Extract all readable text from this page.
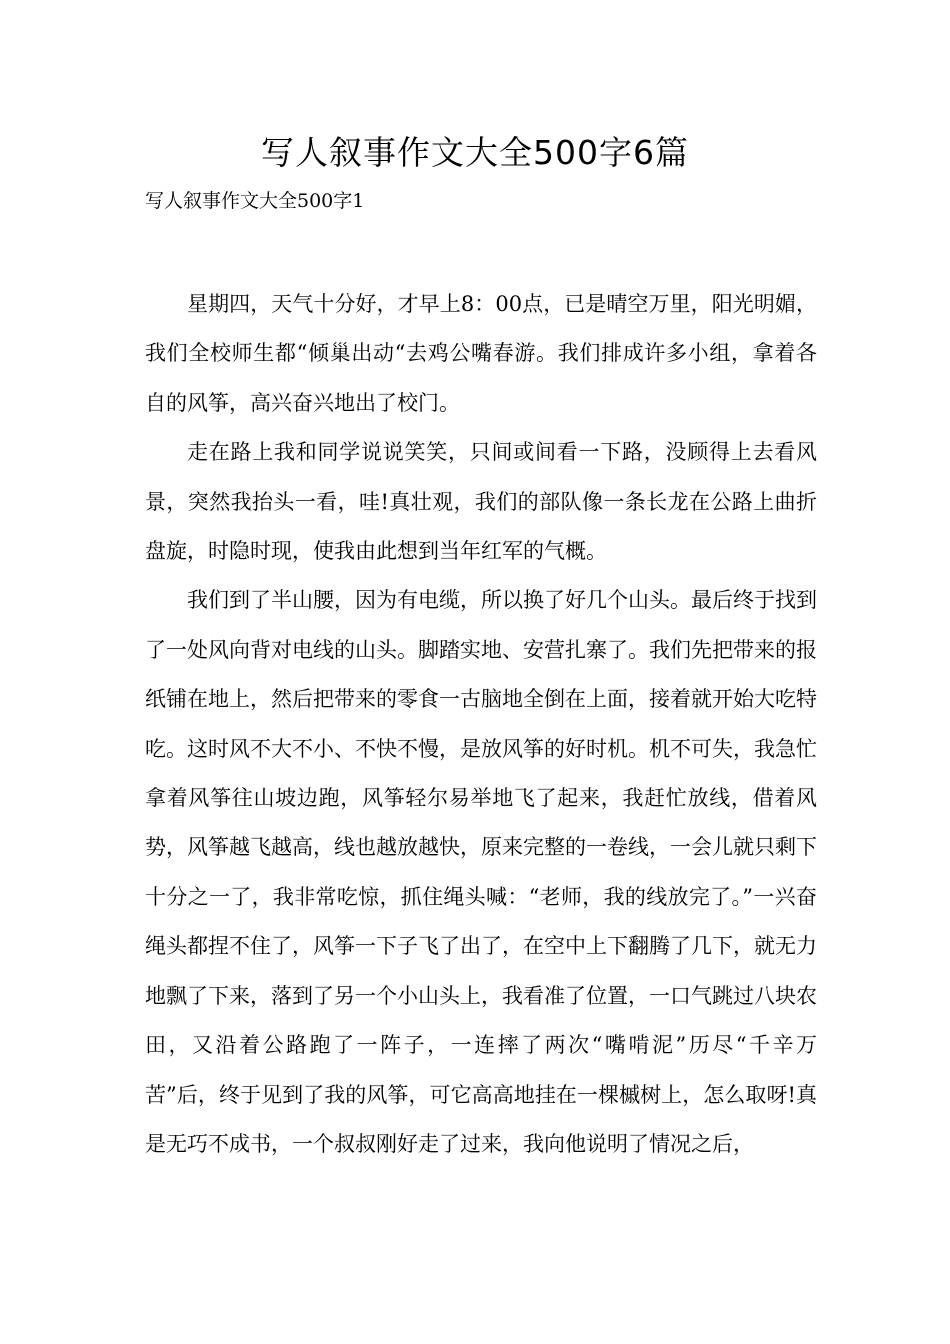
写人叙事作文大全500字6篇
写人叙事作文大全500字1

星期四，天气十分好，才早上8：00点，已是晴空万里，阳光明媚，我们全校师生都“倾巢出动“去鸡公嘴春游。我们排成许多小组，拿着各自的风筝，高兴奋兴地出了校门。

走在路上我和同学说说笑笑，只间或间看一下路，没顾得上去看风景，突然我抬头一看，哇!真壮观，我们的部队像一条长龙在公路上曲折盘旋，时隐时现，使我由此想到当年红军的气概。

我们到了半山腰，因为有电缆，所以换了好几个山头。最后终于找到了一处风向背对电线的山头。脚踏实地、安营扎寨了。我们先把带来的报纸铺在地上，然后把带来的零食一古脑地全倒在上面，接着就开始大吃特吃。这时风不大不小、不快不慢，是放风筝的好时机。机不可失，我急忙拿着风筝往山坡边跑，风筝轻尔易举地飞了起来，我赶忙放线，借着风势，风筝越飞越高，线也越放越快，原来完整的一卷线，一会儿就只剩下十分之一了，我非常吃惊，抓住绳头喊：“老师，我的线放完了。”一兴奋绳头都捏不住了，风筝一下子飞了出了，在空中上下翻腾了几下，就无力地飘了下来，落到了另一个小山头上，我看准了位置，一口气跳过八块农田，又沿着公路跑了一阵子，一连摔了两次“嘴啃泥”历尽“千辛万苦”后，终于见到了我的风筝，可它高高地挂在一棵槭树上，怎么取呀!真是无巧不成书，一个叔叔刚好走了过来，我向他说明了情况之后，
